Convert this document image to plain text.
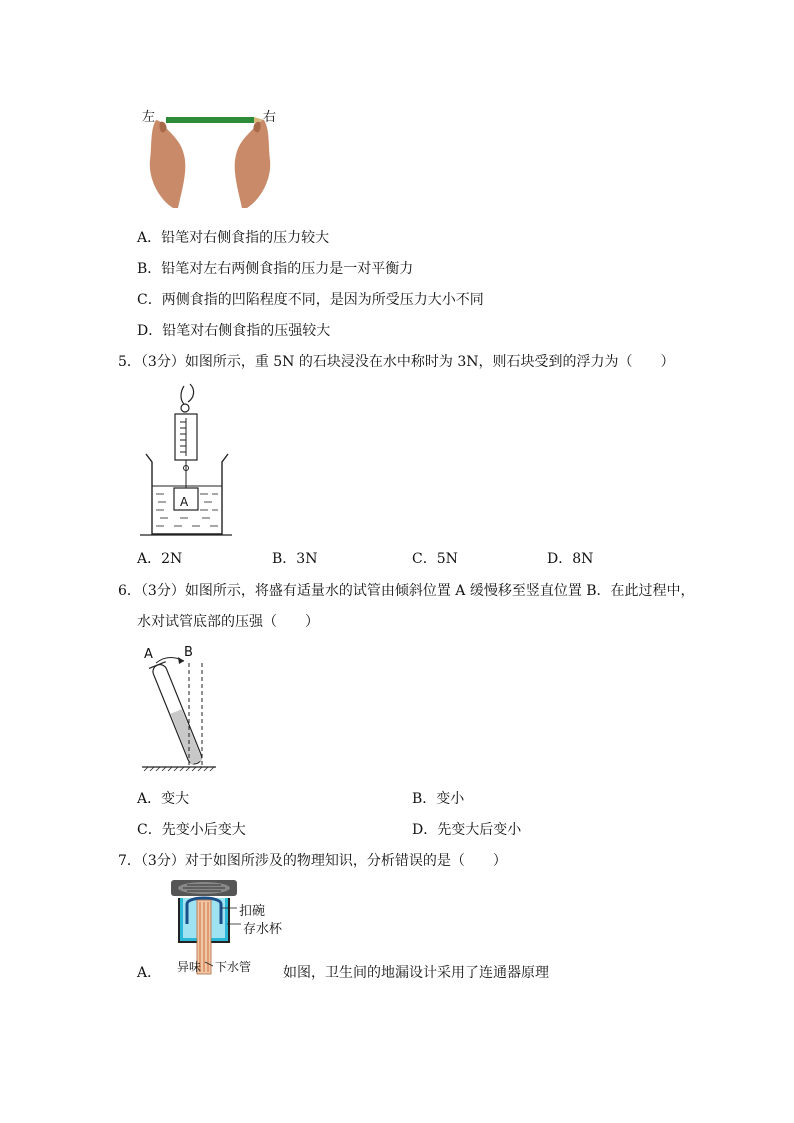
左	右
A．铅笔对右侧食指的压力较大
B．铅笔对左右两侧食指的压力是一对平衡力
C．两侧食指的凹陷程度不同，是因为所受压力大小不同
D．铅笔对右侧食指的压强较大
5．（3分）如图所示，重 5N 的石块浸没在水中称时为 3N，则石块受到的浮力为（　　）
A
A．2N	B．3N	C．5N	D．8N
6．（3分）如图所示，将盛有适量水的试管由倾斜位置 A 缓慢移至竖直位置 B．在此过程中，
水对试管底部的压强（　　）
A B
A．变大	B．变小
C．先变小后变大	D．先变大后变小
7．（3分）对于如图所涉及的物理知识，分析错误的是（　　）
扣碗
存水杯
异味 下水管
A．	如图，卫生间的地漏设计采用了连通器原理
